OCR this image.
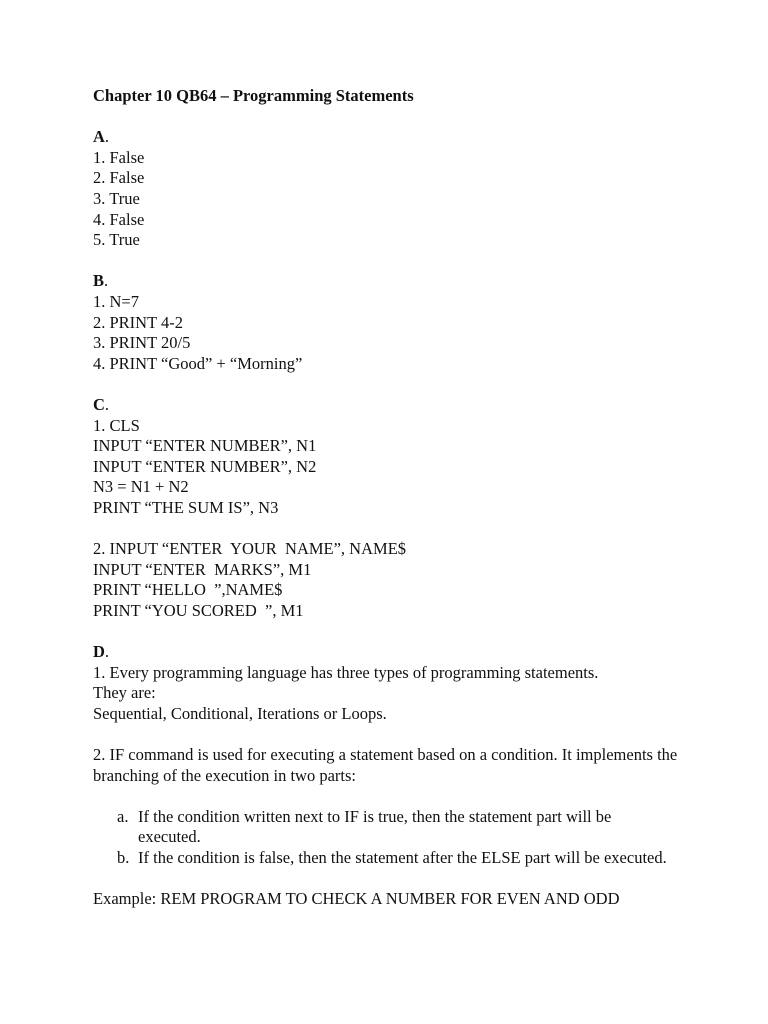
Chapter 10 QB64 – Programming Statements
A.
1. False
2. False
3. True
4. False
5. True
B.
1. N=7
2. PRINT 4-2
3. PRINT 20/5
4. PRINT “Good” + “Morning”
C.
1. CLS
INPUT “ENTER NUMBER”, N1
INPUT “ENTER NUMBER”, N2
N3 = N1 + N2
PRINT “THE SUM IS”, N3
2. INPUT “ENTER  YOUR  NAME”, NAME$
INPUT “ENTER  MARKS”, M1
PRINT “HELLO  ”,NAME$
PRINT “YOU SCORED  ”, M1
D.
1. Every programming language has three types of programming statements. They are:
Sequential, Conditional, Iterations or Loops.
2. IF command is used for executing a statement based on a condition. It implements the branching of the execution in two parts:
a. If the condition written next to IF is true, then the statement part will be executed.
b. If the condition is false, then the statement after the ELSE part will be executed.
Example: REM PROGRAM TO CHECK A NUMBER FOR EVEN AND ODD
